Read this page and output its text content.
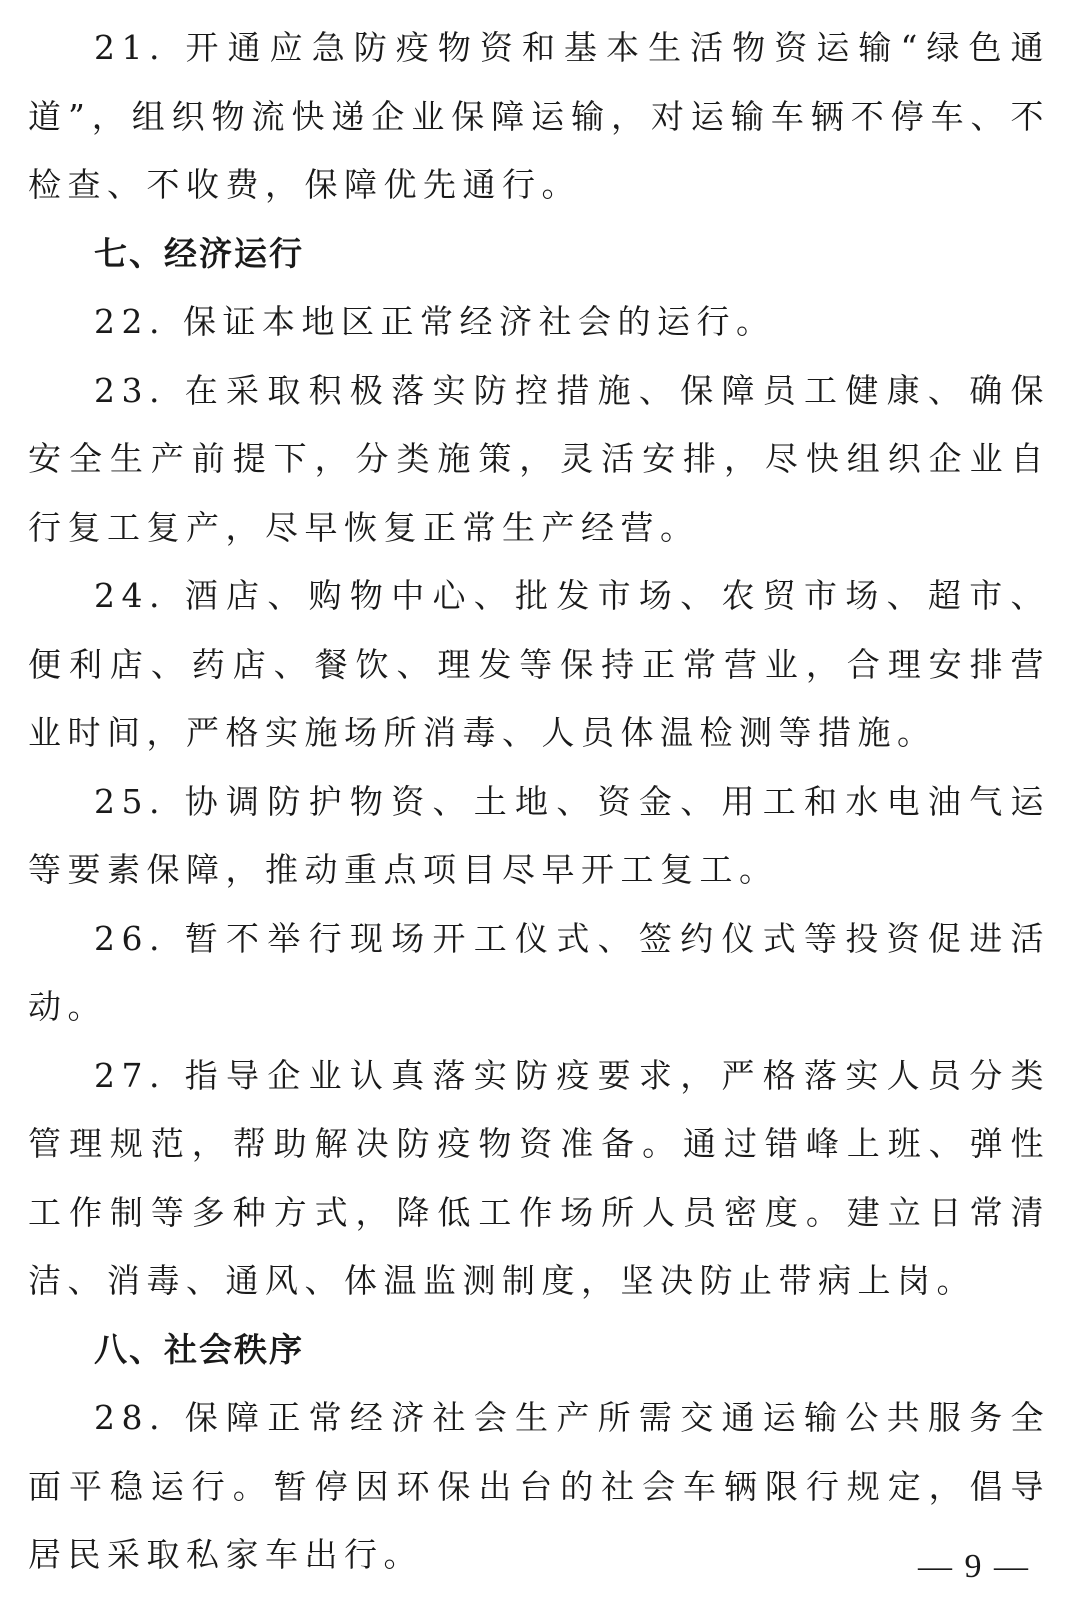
21. 开通应急防疫物资和基本生活物资运输“绿色通道”，组织物流快递企业保障运输，对运输车辆不停车、不检查、不收费，保障优先通行。

七、经济运行

22. 保证本地区正常经济社会的运行。

23. 在采取积极落实防控措施、保障员工健康、确保安全生产前提下，分类施策，灵活安排，尽快组织企业自行复工复产，尽早恢复正常生产经营。

24. 酒店、购物中心、批发市场、农贸市场、超市、便利店、药店、餐饮、理发等保持正常营业，合理安排营业时间，严格实施场所消毒、人员体温检测等措施。

25. 协调防护物资、土地、资金、用工和水电油气运等要素保障，推动重点项目尽早开工复工。

26. 暂不举行现场开工仪式、签约仪式等投资促进活动。

27. 指导企业认真落实防疫要求，严格落实人员分类管理规范，帮助解决防疫物资准备。通过错峰上班、弹性工作制等多种方式，降低工作场所人员密度。建立日常清洁、消毒、通风、体温监测制度，坚决防止带病上岗。

八、社会秩序

28. 保障正常经济社会生产所需交通运输公共服务全面平稳运行。暂停因环保出台的社会车辆限行规定，倡导居民采取私家车出行。	— 9 —
